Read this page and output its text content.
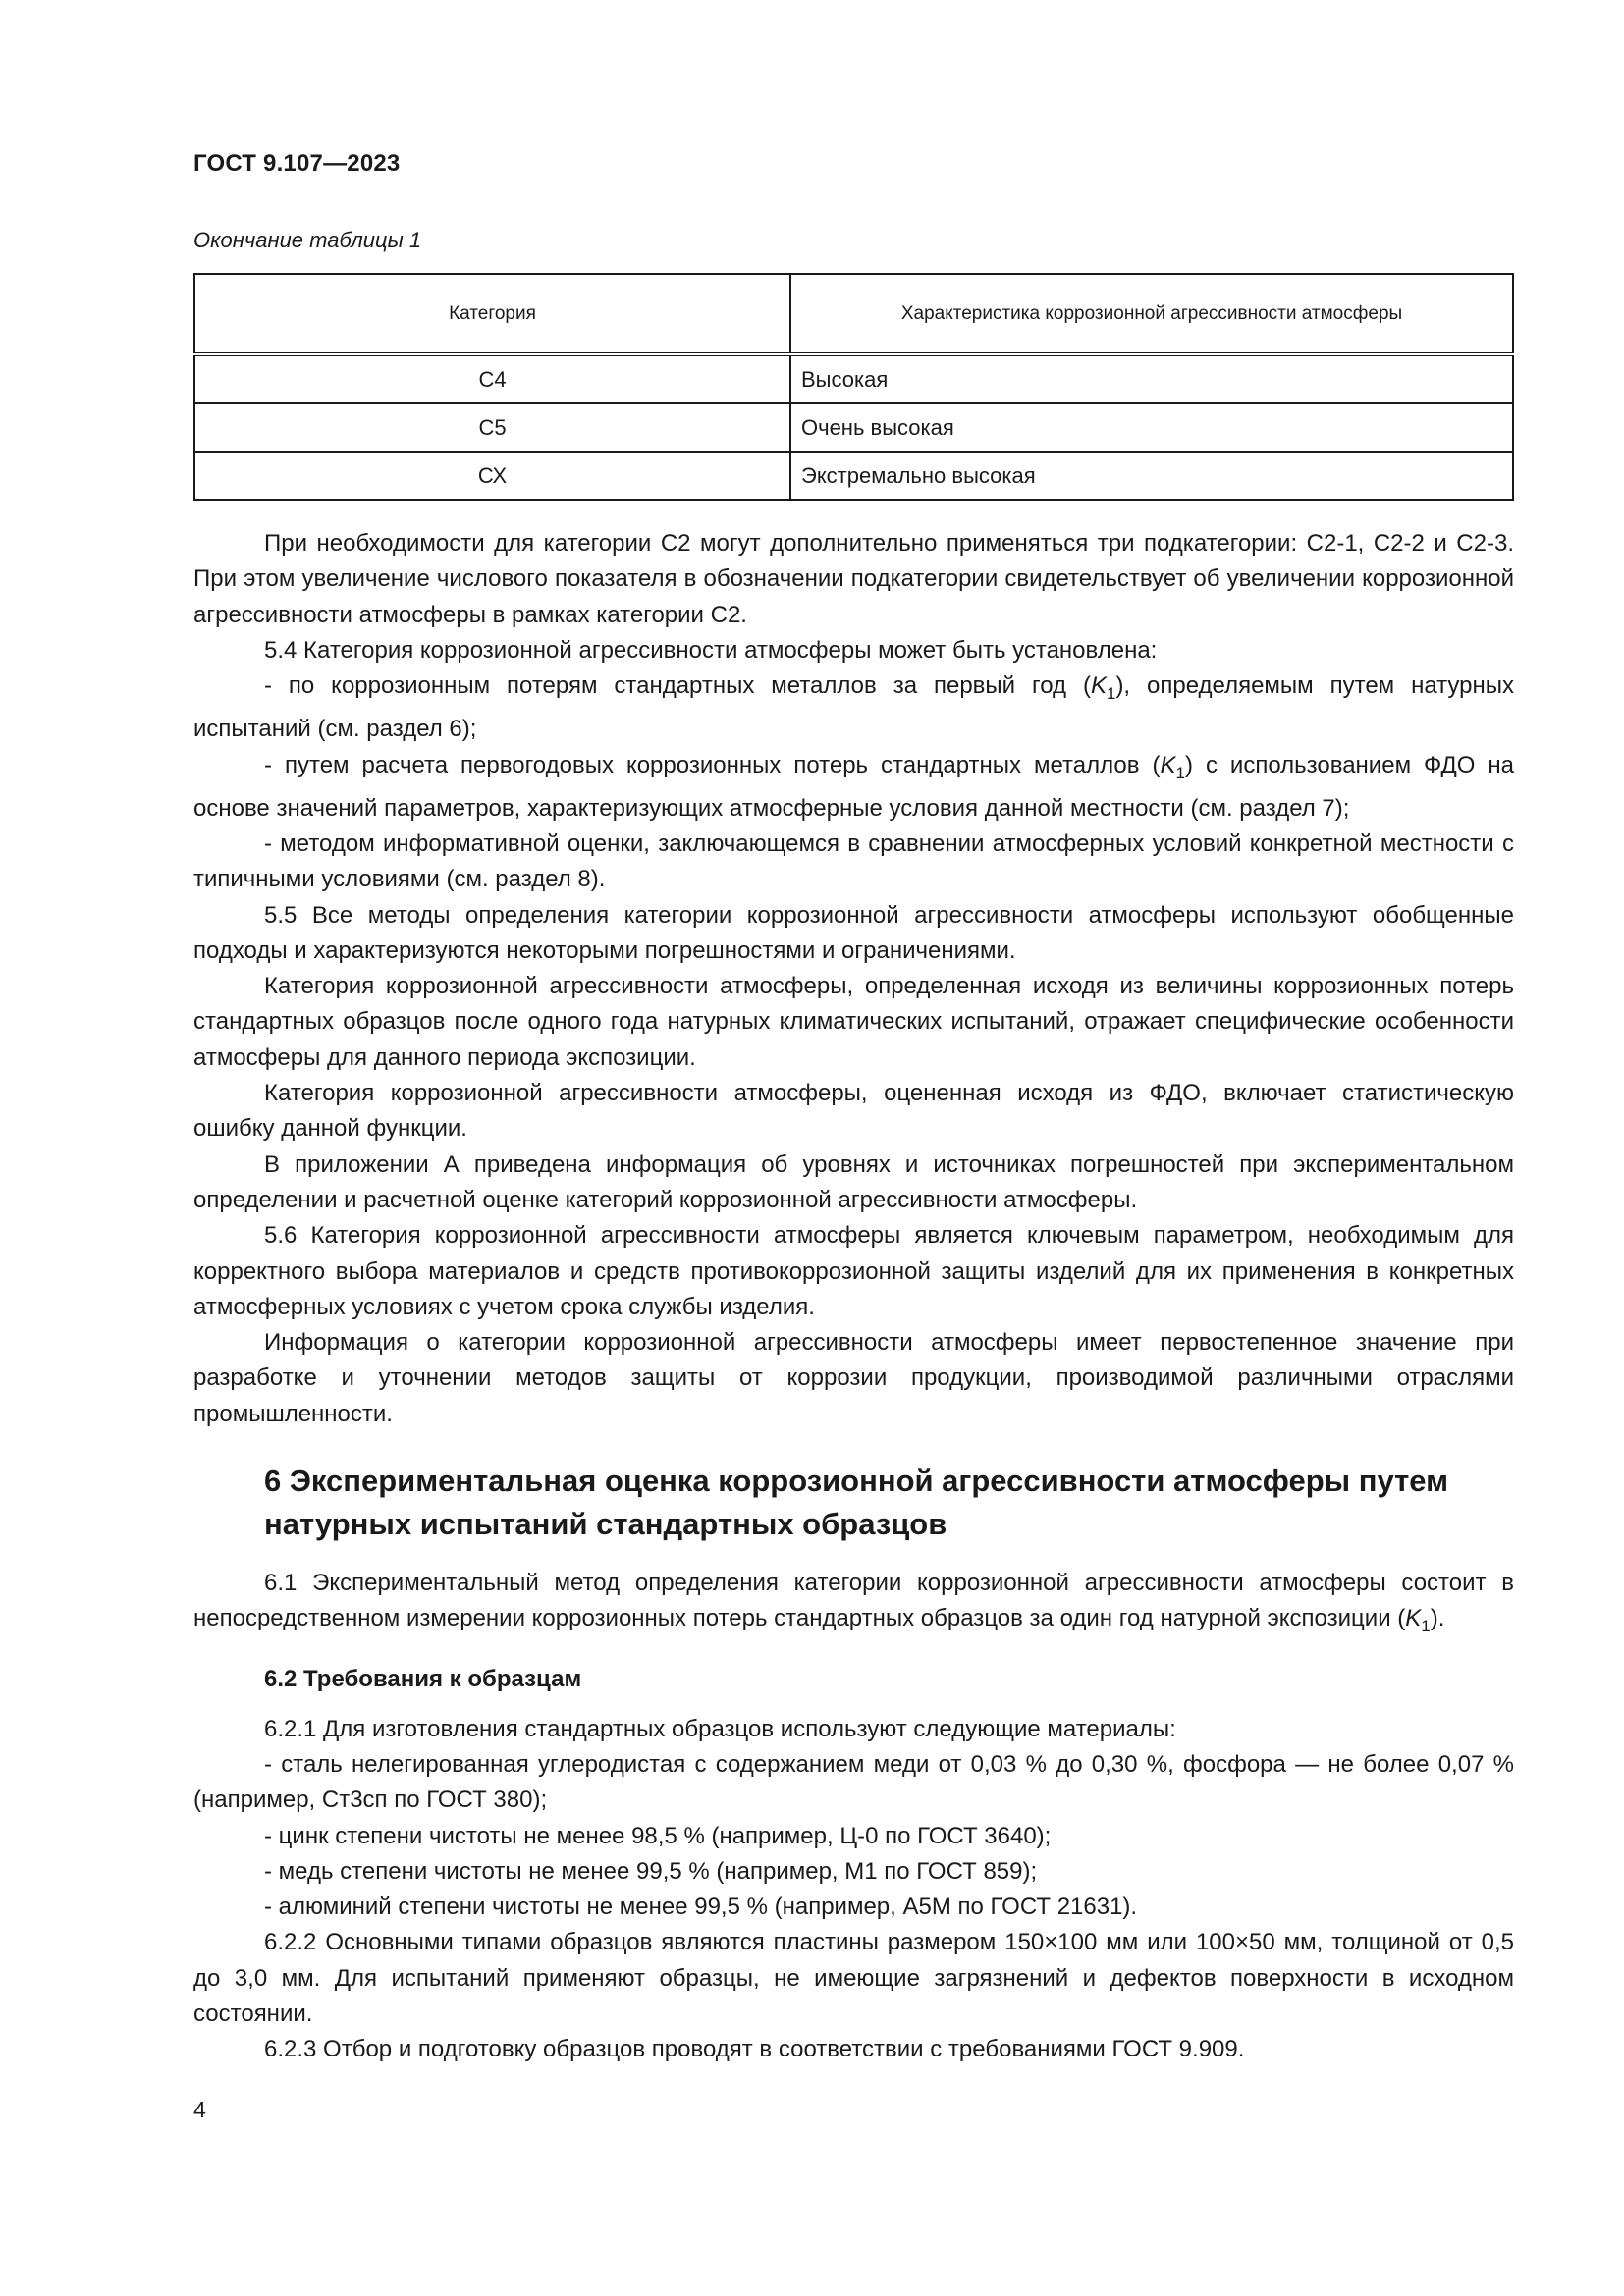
ГОСТ 9.107—2023
Окончание таблицы 1
Категория	Характеристика коррозионной агрессивности атмосферы
С4	Высокая
С5	Очень высокая
СХ	Экстремально высокая

При необходимости для категории С2 могут дополнительно применяться три подкатегории: С2-1, С2-2 и С2-3. При этом увеличение числового показателя в обозначении подкатегории свидетельствует об увеличении коррозионной агрессивности атмосферы в рамках категории С2.

5.4 Категория коррозионной агрессивности атмосферы может быть установлена:

- по коррозионным потерям стандартных металлов за первый год $(K_1)$, определяемым путем натурных испытаний (см. раздел 6);

- путем расчета первогодовых коррозионных потерь стандартных металлов $(K_1)$ с использованием ФДО на основе значений параметров, характеризующих атмосферные условия данной местности (см. раздел 7);

- методом информативной оценки, заключающемся в сравнении атмосферных условий конкретной местности с типичными условиями (см. раздел 8).

5.5 Все методы определения категории коррозионной агрессивности атмосферы используют обобщенные подходы и характеризуются некоторыми погрешностями и ограничениями.

Категория коррозионной агрессивности атмосферы, определенная исходя из величины коррозионных потерь стандартных образцов после одного года натурных климатических испытаний, отражает специфические особенности атмосферы для данного периода экспозиции.

Категория коррозионной агрессивности атмосферы, оцененная исходя из ФДО, включает статистическую ошибку данной функции.

В приложении А приведена информация об уровнях и источниках погрешностей при экспериментальном определении и расчетной оценке категорий коррозионной агрессивности атмосферы.

5.6 Категория коррозионной агрессивности атмосферы является ключевым параметром, необходимым для корректного выбора материалов и средств противокоррозионной защиты изделий для их применения в конкретных атмосферных условиях с учетом срока службы изделия.

Информация о категории коррозионной агрессивности атмосферы имеет первостепенное значение при разработке и уточнении методов защиты от коррозии продукции, производимой различными отраслями промышленности.

6 Экспериментальная оценка коррозионной агрессивности атмосферы путем натурных испытаний стандартных образцов

6.1 Экспериментальный метод определения категории коррозионной агрессивности атмосферы состоит в непосредственном измерении коррозионных потерь стандартных образцов за один год натурной экспозиции $(K_1)$.

6.2 Требования к образцам

6.2.1 Для изготовления стандартных образцов используют следующие материалы:

- сталь нелегированная углеродистая с содержанием меди от 0,03 % до 0,30 %, фосфора — не более 0,07 % (например, Ст3сп по ГОСТ 380);

- цинк степени чистоты не менее 98,5 % (например, Ц-0 по ГОСТ 3640);

- медь степени чистоты не менее 99,5 % (например, М1 по ГОСТ 859);

- алюминий степени чистоты не менее 99,5 % (например, А5М по ГОСТ 21631).

6.2.2 Основными типами образцов являются пластины размером 150×100 мм или 100×50 мм, толщиной от 0,5 до 3,0 мм. Для испытаний применяют образцы, не имеющие загрязнений и дефектов поверхности в исходном состоянии.

6.2.3 Отбор и подготовку образцов проводят в соответствии с требованиями ГОСТ 9.909.

4
